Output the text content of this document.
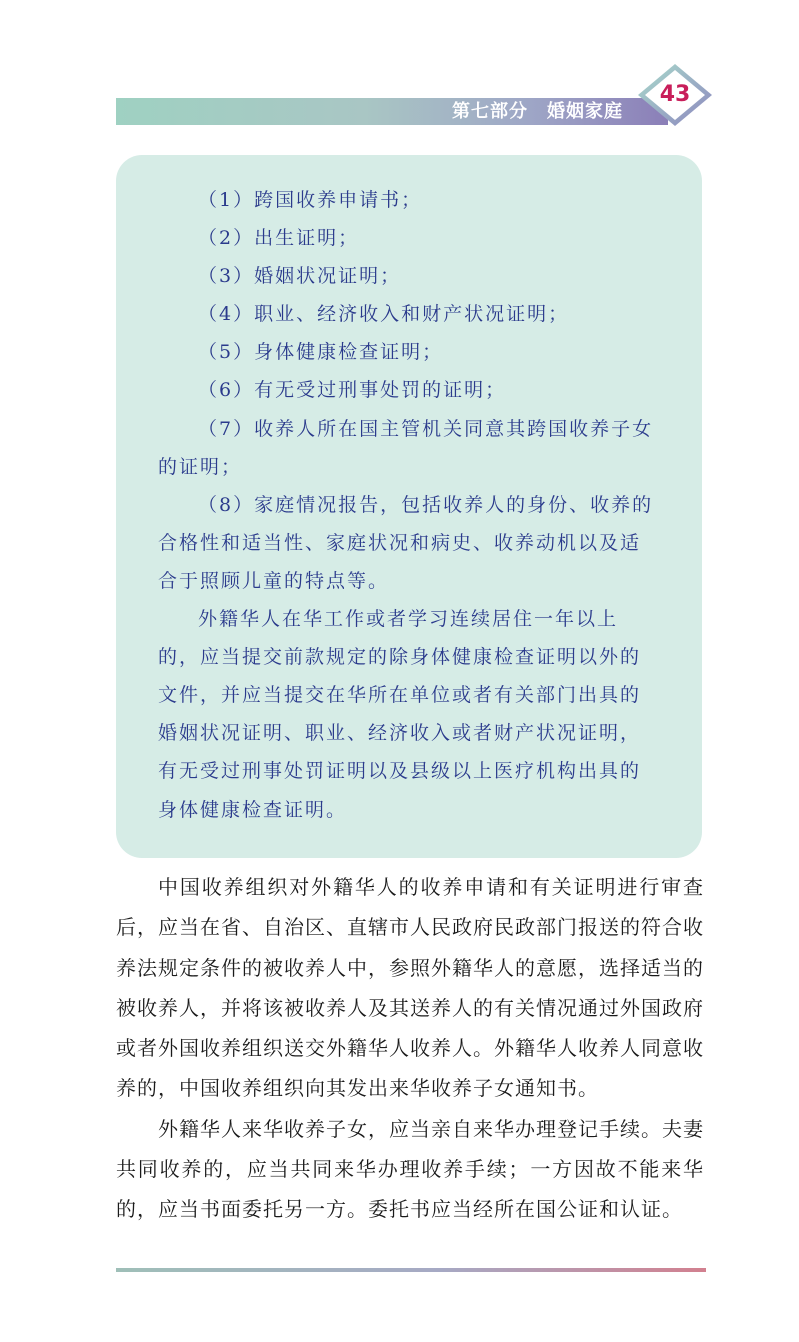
第七部分　婚姻家庭
43

（1）跨国收养申请书；

（2）出生证明；

（3）婚姻状况证明；

（4）职业、经济收入和财产状况证明；

（5）身体健康检查证明；

（6）有无受过刑事处罚的证明；

（7）收养人所在国主管机关同意其跨国收养子女的证明；

（8）家庭情况报告，包括收养人的身份、收养的合格性和适当性、家庭状况和病史、收养动机以及适合于照顾儿童的特点等。

外籍华人在华工作或者学习连续居住一年以上的，应当提交前款规定的除身体健康检查证明以外的文件，并应当提交在华所在单位或者有关部门出具的婚姻状况证明、职业、经济收入或者财产状况证明，有无受过刑事处罚证明以及县级以上医疗机构出具的身体健康检查证明。

中国收养组织对外籍华人的收养申请和有关证明进行审查后，应当在省、自治区、直辖市人民政府民政部门报送的符合收养法规定条件的被收养人中，参照外籍华人的意愿，选择适当的被收养人，并将该被收养人及其送养人的有关情况通过外国政府或者外国收养组织送交外籍华人收养人。外籍华人收养人同意收养的，中国收养组织向其发出来华收养子女通知书。

外籍华人来华收养子女，应当亲自来华办理登记手续。夫妻共同收养的，应当共同来华办理收养手续；一方因故不能来华的，应当书面委托另一方。委托书应当经所在国公证和认证。
